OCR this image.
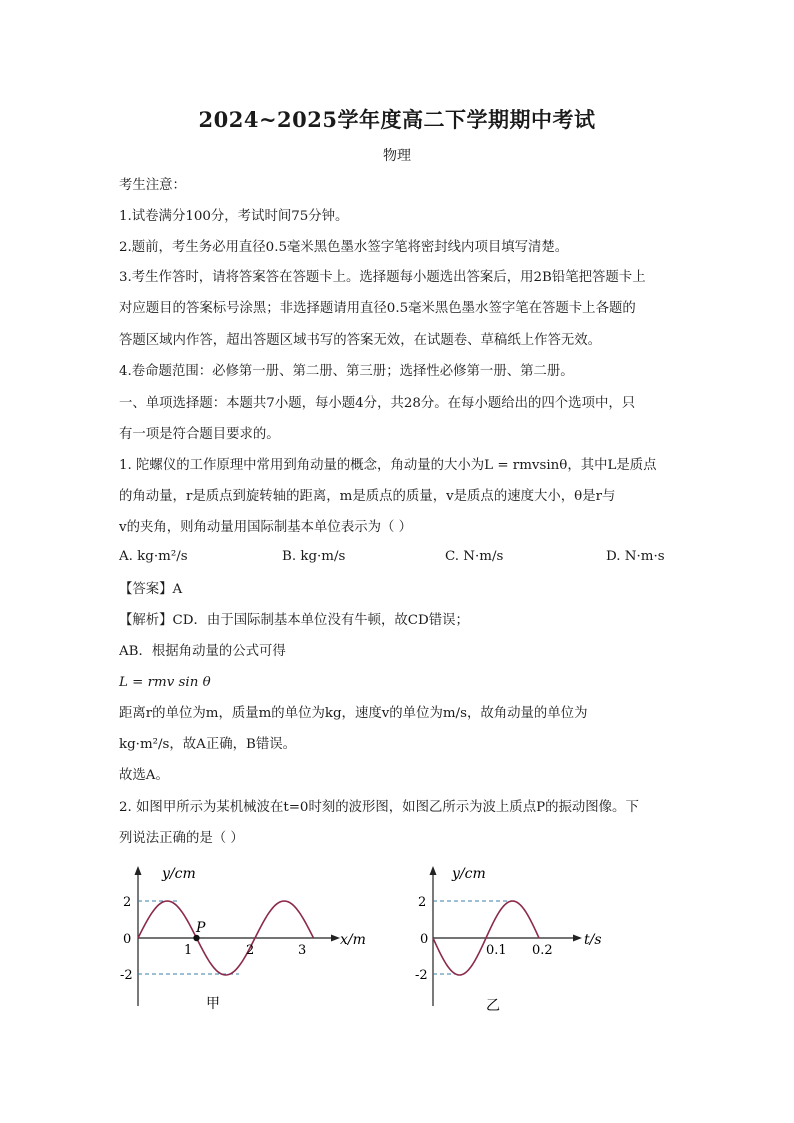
2024~2025学年度高二下学期期中考试
物理
考生注意：
1.试卷满分100分，考试时间75分钟。
2.题前，考生务必用直径0.5毫米黑色墨水签字笔将密封线内项目填写清楚。
3.考生作答时，请将答案答在答题卡上。选择题每小题选出答案后，用2B铅笔把答题卡上
对应题目的答案标号涂黑；非选择题请用直径0.5毫米黑色墨水签字笔在答题卡上各题的
答题区域内作答，超出答题区域书写的答案无效，在试题卷、草稿纸上作答无效。
4.卷命题范围：必修第一册、第二册、第三册；选择性必修第一册、第二册。
一、单项选择题：本题共7小题，每小题4分，共28分。在每小题给出的四个选项中，只
有一项是符合题目要求的。
1. 陀螺仪的工作原理中常用到角动量的概念，角动量的大小为L = rmvsinθ，其中L是质点
的角动量，r是质点到旋转轴的距离，m是质点的质量，v是质点的速度大小，θ是r与
v的夹角，则角动量用国际制基本单位表示为（ ）
A. kg·m²/s	B. kg·m/s	C. N·m/s	D. N·m·s
【答案】A
【解析】CD．由于国际制基本单位没有牛顿，故CD错误；
AB．根据角动量的公式可得
L = rmv sin θ
距离r的单位为m，质量m的单位为kg，速度v的单位为m/s，故角动量的单位为
kg·m²/s，故A正确，B错误。
故选A。
2. 如图甲所示为某机械波在t=0时刻的波形图，如图乙所示为波上质点P的振动图像。下
列说法正确的是（ ）
y/cm
x/m
2
0
-2
1	2	3
P
甲
y/cm
t/s
2
0
-2
0.1 0.2
乙
